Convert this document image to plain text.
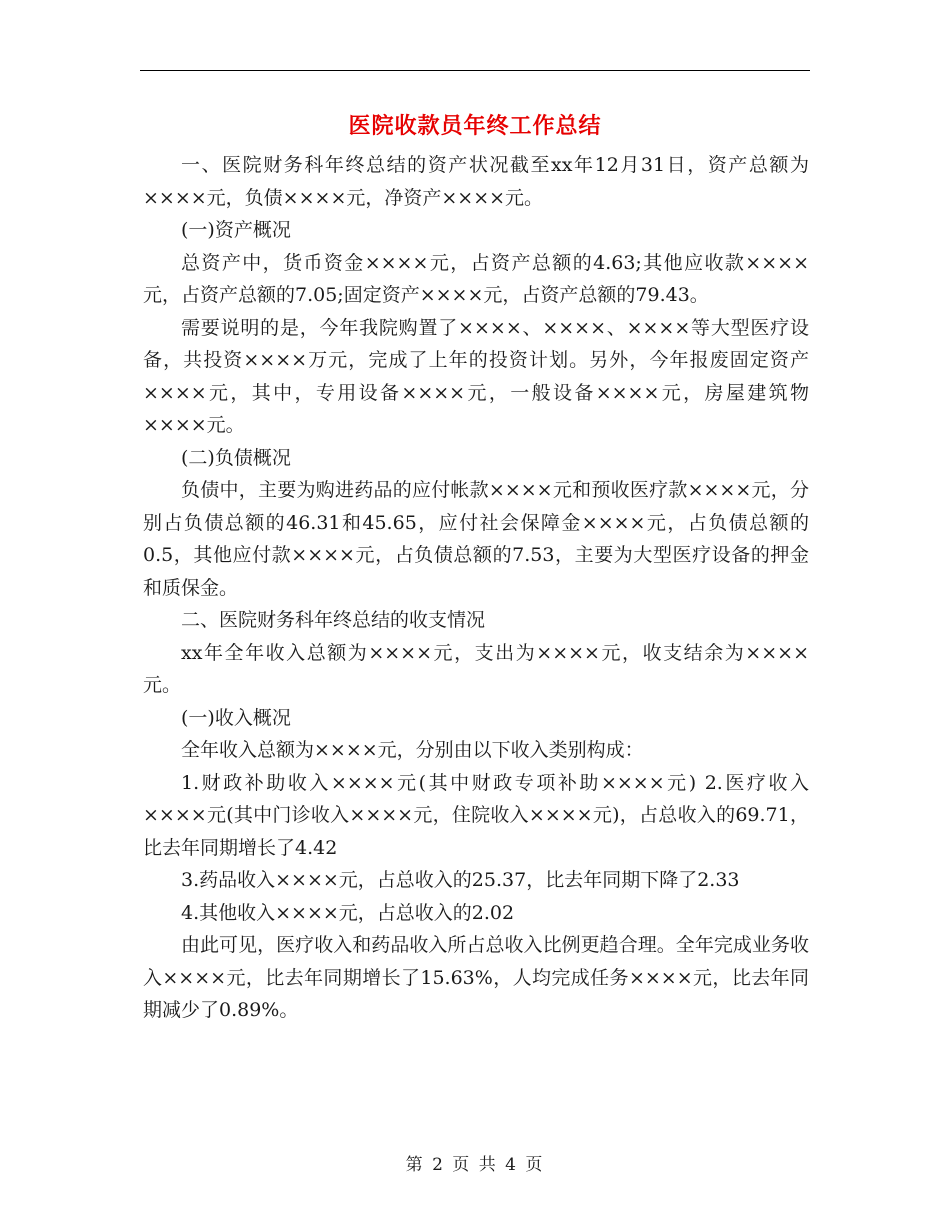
医院收款员年终工作总结

一、医院财务科年终总结的资产状况截至xx年12月31日，资产总额为××××元，负债××××元，净资产××××元。

(一)资产概况

总资产中，货币资金××××元，占资产总额的4.63;其他应收款××××元，占资产总额的7.05;固定资产××××元，占资产总额的79.43。

需要说明的是，今年我院购置了××××、××××、××××等大型医疗设备，共投资××××万元，完成了上年的投资计划。另外，今年报废固定资产××××元，其中，专用设备××××元，一般设备××××元，房屋建筑物××××元。

(二)负债概况

负债中，主要为购进药品的应付帐款××××元和预收医疗款××××元，分别占负债总额的46.31和45.65，应付社会保障金××××元，占负债总额的0.5，其他应付款××××元，占负债总额的7.53，主要为大型医疗设备的押金和质保金。

二、医院财务科年终总结的收支情况

xx年全年收入总额为××××元，支出为××××元，收支结余为××××元。

(一)收入概况

全年收入总额为××××元，分别由以下收入类别构成：

1.财政补助收入××××元(其中财政专项补助××××元) 2.医疗收入××××元(其中门诊收入××××元，住院收入××××元)，占总收入的69.71，比去年同期增长了4.42

3.药品收入××××元，占总收入的25.37，比去年同期下降了2.33

4.其他收入××××元，占总收入的2.02

由此可见，医疗收入和药品收入所占总收入比例更趋合理。全年完成业务收入××××元，比去年同期增长了15.63%，人均完成任务××××元，比去年同期减少了0.89%。

第 2 页 共 4 页
